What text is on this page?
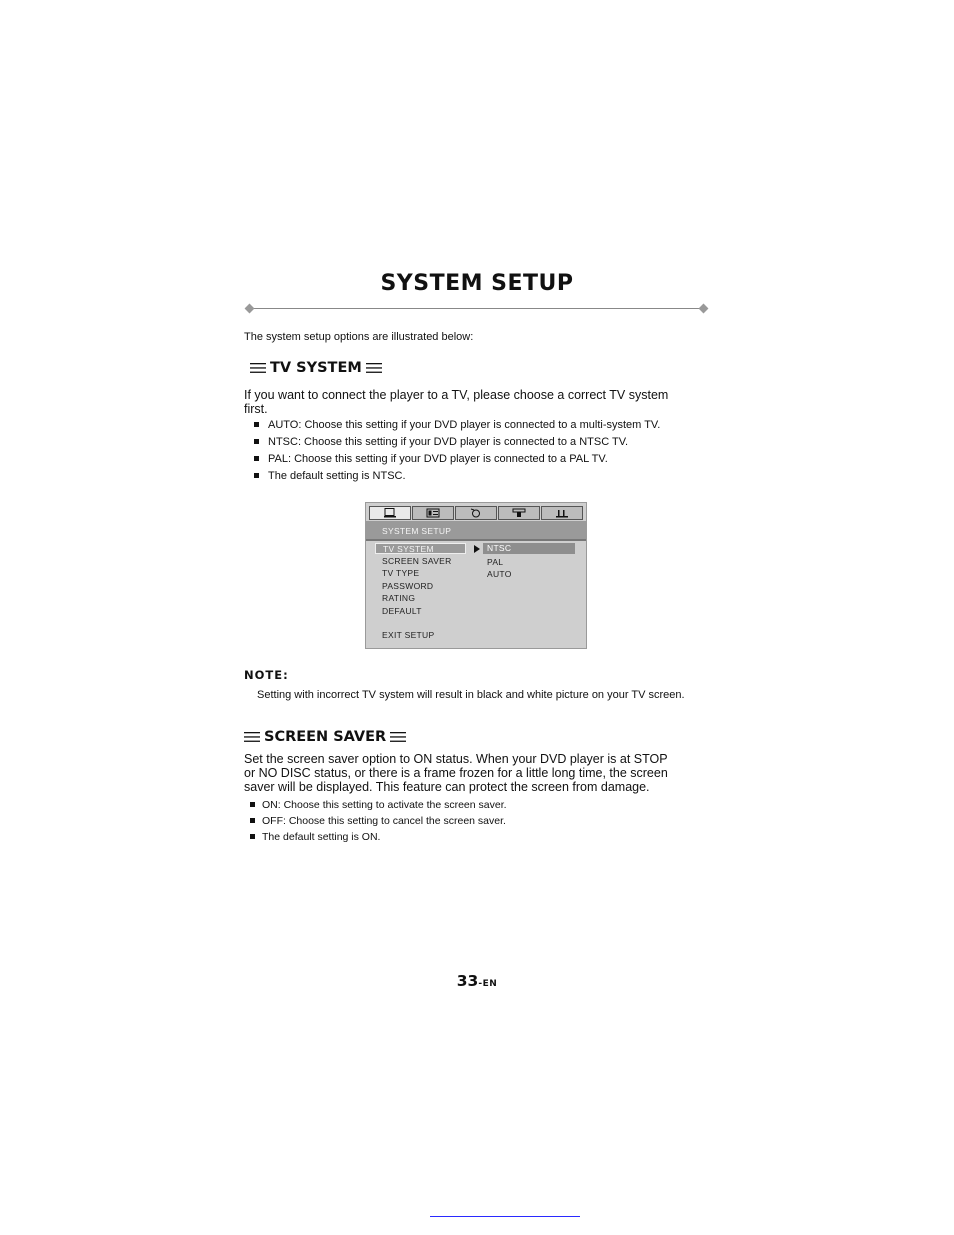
SYSTEM SETUP
The system setup options are illustrated below:
TV SYSTEM
If you want to connect the player to a TV, please choose a correct TV system
first.
AUTO: Choose this setting if your DVD player is connected to a multi-system TV.
NTSC: Choose this setting if your DVD player is connected to a NTSC TV.
PAL: Choose this setting if your DVD player is connected to a PAL TV.
The default setting is NTSC.
SYSTEM SETUP
TV SYSTEM
SCREEN SAVER
TV TYPE
PASSWORD
RATING
DEFAULT
EXIT SETUP
NTSC
PAL
AUTO
NOTE:
Setting with incorrect TV system will result in black and white picture on your TV screen.
SCREEN SAVER
Set the screen saver option to ON status. When your DVD player is at STOP
or NO DISC status, or there is a frame frozen for a little long time, the screen
saver will be displayed. This feature can protect the screen from damage.
ON: Choose this setting to activate the screen saver.
OFF: Choose this setting to cancel the screen saver.
The default setting is ON.
33-EN
